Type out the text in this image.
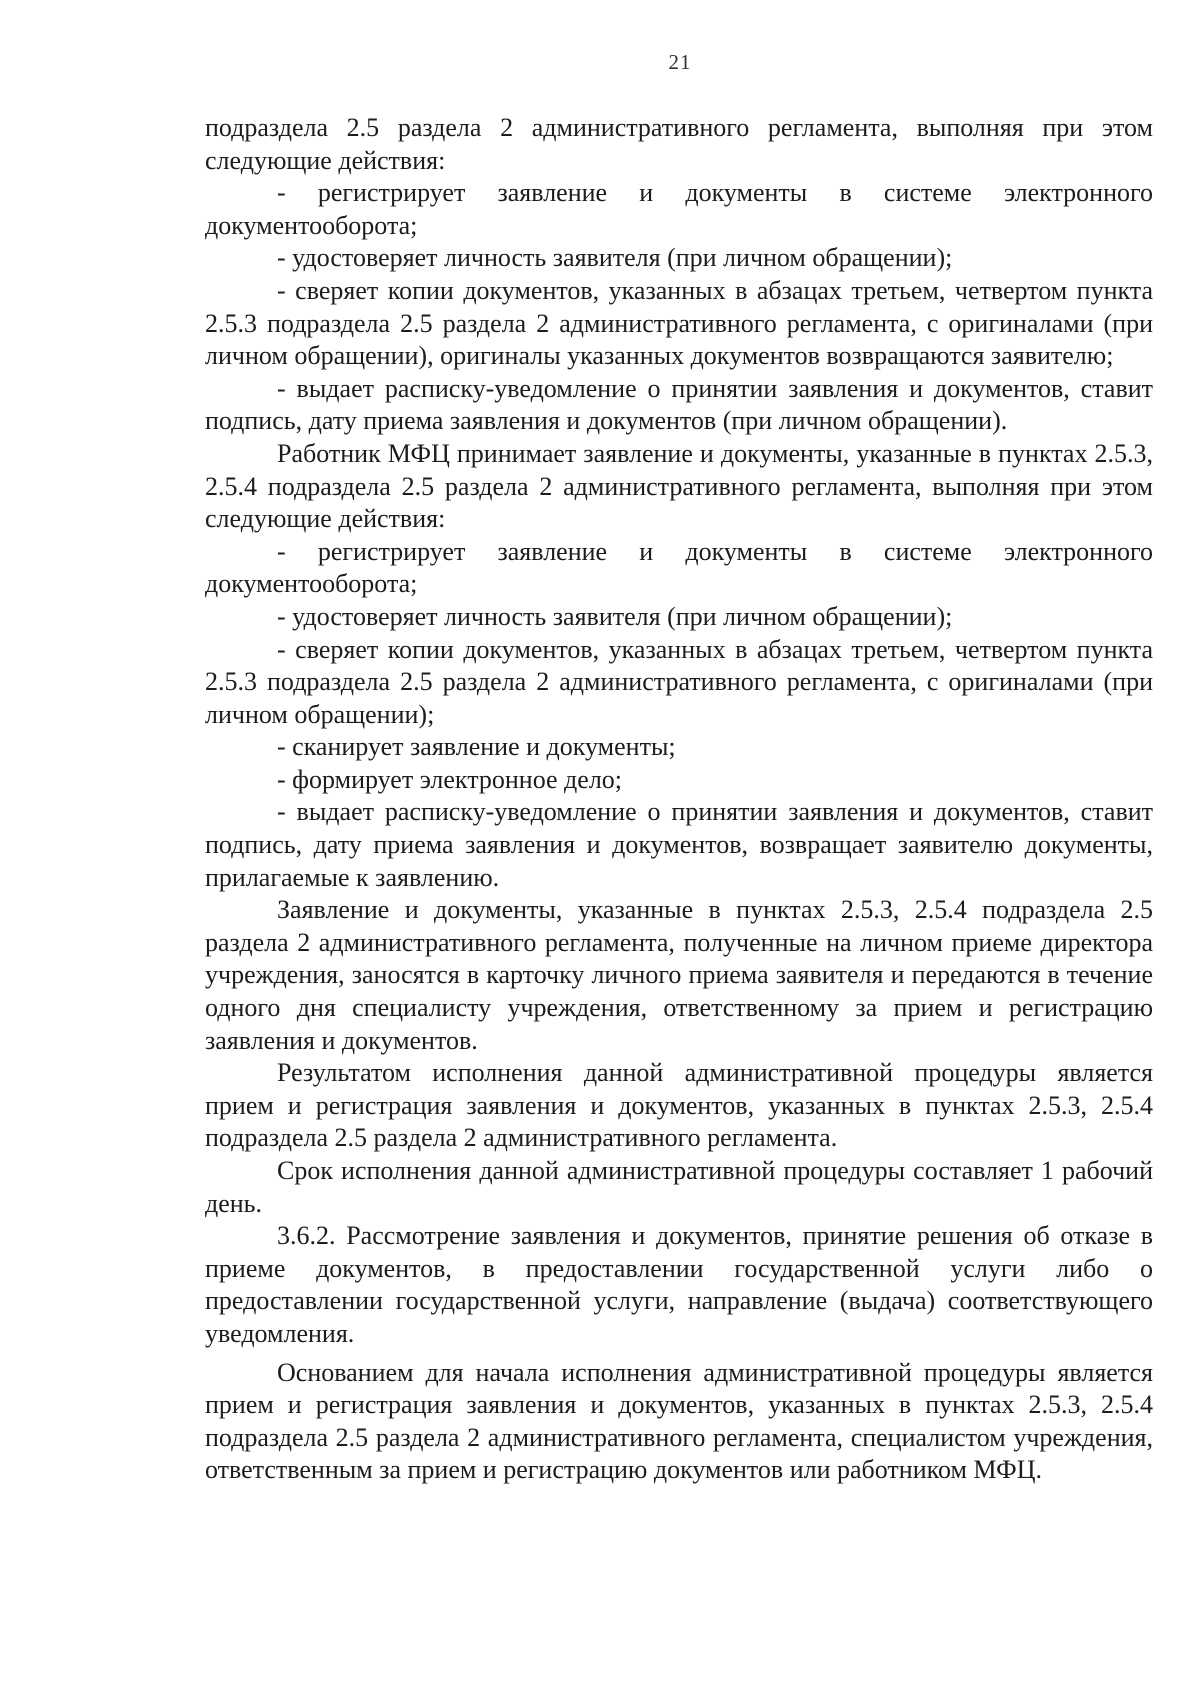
21

подраздела 2.5 раздела 2 административного регламента, выполняя при этом следующие действия:

- регистрирует заявление и документы в системе электронного документооборота;

- удостоверяет личность заявителя (при личном обращении);

- сверяет копии документов, указанных в абзацах третьем, четвертом пункта 2.5.3 подраздела 2.5 раздела 2 административного регламента, с оригиналами (при личном обращении), оригиналы указанных документов возвращаются заявителю;

- выдает расписку-уведомление о принятии заявления и документов, ставит подпись, дату приема заявления и документов (при личном обращении).

Работник МФЦ принимает заявление и документы, указанные в пунктах 2.5.3, 2.5.4 подраздела 2.5 раздела 2 административного регламента, выполняя при этом следующие действия:

- регистрирует заявление и документы в системе электронного документооборота;

- удостоверяет личность заявителя (при личном обращении);

- сверяет копии документов, указанных в абзацах третьем, четвертом пункта 2.5.3 подраздела 2.5 раздела 2 административного регламента, с оригиналами (при личном обращении);

- сканирует заявление и документы;

- формирует электронное дело;

- выдает расписку-уведомление о принятии заявления и документов, ставит подпись, дату приема заявления и документов, возвращает заявителю документы, прилагаемые к заявлению.

Заявление и документы, указанные в пунктах 2.5.3, 2.5.4 подраздела 2.5 раздела 2 административного регламента, полученные на личном приеме директора учреждения, заносятся в карточку личного приема заявителя и передаются в течение одного дня специалисту учреждения, ответственному за прием и регистрацию заявления и документов.

Результатом исполнения данной административной процедуры является прием и регистрация заявления и документов, указанных в пунктах 2.5.3, 2.5.4 подраздела 2.5 раздела 2 административного регламента.

Срок исполнения данной административной процедуры составляет 1 рабочий день.

3.6.2. Рассмотрение заявления и документов, принятие решения об отказе в приеме документов, в предоставлении государственной услуги либо о предоставлении государственной услуги, направление (выдача) соответствующего уведомления.

Основанием для начала исполнения административной процедуры является прием и регистрация заявления и документов, указанных в пунктах 2.5.3, 2.5.4 подраздела 2.5 раздела 2 административного регламента, специалистом учреждения, ответственным за прием и регистрацию документов или работником МФЦ.
